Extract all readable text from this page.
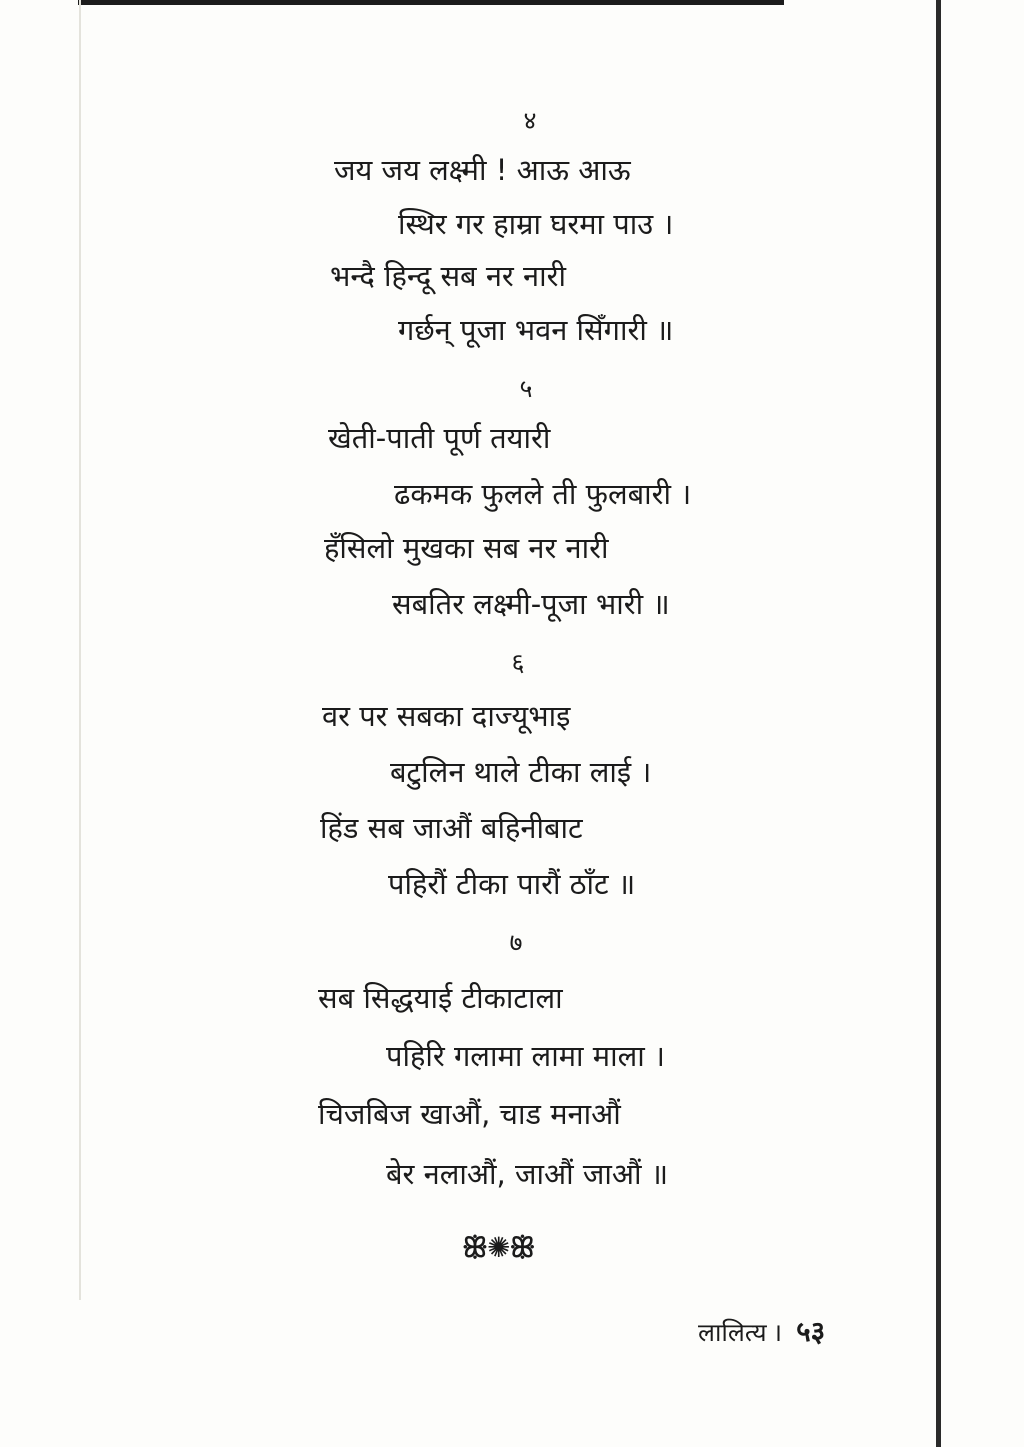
४
जय जय लक्ष्मी ! आऊ आऊ
स्थिर गर हाम्रा घरमा पाउ ।
भन्दै हिन्दू सब नर नारी
गर्छन् पूजा भवन सिँगारी ॥
५
खेती-पाती पूर्ण तयारी
ढकमक फुलले ती फुलबारी ।
हँसिलो मुखका सब नर नारी
सबतिर लक्ष्मी-पूजा भारी ॥
६
वर पर सबका दाज्यूभाइ
बटुलिन थाले टीका लाई ।
हिंड सब जाऔं बहिनीबाट
पहिरौं टीका पारौं ठाँट ॥
७
सब सिद्धयाई टीकाटाला
पहिरि गलामा लामा माला ।
चिजबिज खाऔं, चाड मनाऔं
बेर नलाऔं, जाऔं जाऔं ॥
ꕥ✺ꕥ
लालित्य । ५३
